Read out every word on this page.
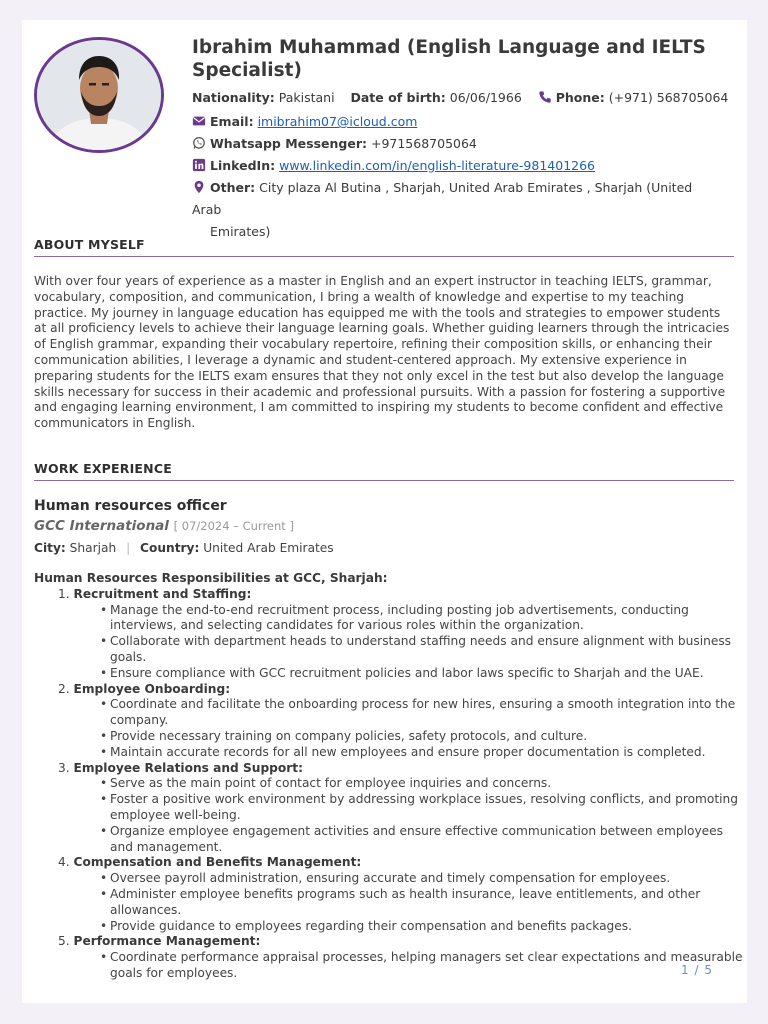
Ibrahim Muhammad (English Language and IELTS Specialist)
Nationality: Pakistani Date of birth: 06/06/1966	Phone: (+971) 568705064
Email: imibrahim07@icloud.com
Whatsapp Messenger: +971568705064
LinkedIn: www.linkedin.com/in/english-literature-981401266
Other: City plaza Al Butina , Sharjah, United Arab Emirates , Sharjah (United Arab
Emirates)
ABOUT MYSELF
With over four years of experience as a master in English and an expert instructor in teaching IELTS, grammar, vocabulary, composition, and communication, I bring a wealth of knowledge and expertise to my teaching practice. My journey in language education has equipped me with the tools and strategies to empower students at all proficiency levels to achieve their language learning goals. Whether guiding learners through the intricacies of English grammar, expanding their vocabulary repertoire, refining their composition skills, or enhancing their communication abilities, I leverage a dynamic and student-centered approach. My extensive experience in preparing students for the IELTS exam ensures that they not only excel in the test but also develop the language skills necessary for success in their academic and professional pursuits. With a passion for fostering a supportive and engaging learning environment, I am committed to inspiring my students to become confident and effective communicators in English.
WORK EXPERIENCE
Human resources officer
GCC International [ 07/2024 – Current ]
City: Sharjah | Country: United Arab Emirates
Human Resources Responsibilities at GCC, Sharjah:
1. Recruitment and Staffing:
• Manage the end-to-end recruitment process, including posting job advertisements, conducting interviews, and selecting candidates for various roles within the organization.
• Collaborate with department heads to understand staffing needs and ensure alignment with business goals.
• Ensure compliance with GCC recruitment policies and labor laws specific to Sharjah and the UAE.
2. Employee Onboarding:
• Coordinate and facilitate the onboarding process for new hires, ensuring a smooth integration into the company.
• Provide necessary training on company policies, safety protocols, and culture.
• Maintain accurate records for all new employees and ensure proper documentation is completed.
3. Employee Relations and Support:
• Serve as the main point of contact for employee inquiries and concerns.
• Foster a positive work environment by addressing workplace issues, resolving conflicts, and promoting employee well-being.
• Organize employee engagement activities and ensure effective communication between employees and management.
4. Compensation and Benefits Management:
• Oversee payroll administration, ensuring accurate and timely compensation for employees.
• Administer employee benefits programs such as health insurance, leave entitlements, and other allowances.
• Provide guidance to employees regarding their compensation and benefits packages.
5. Performance Management:
• Coordinate performance appraisal processes, helping managers set clear expectations and measurable goals for employees.	1 / 5
